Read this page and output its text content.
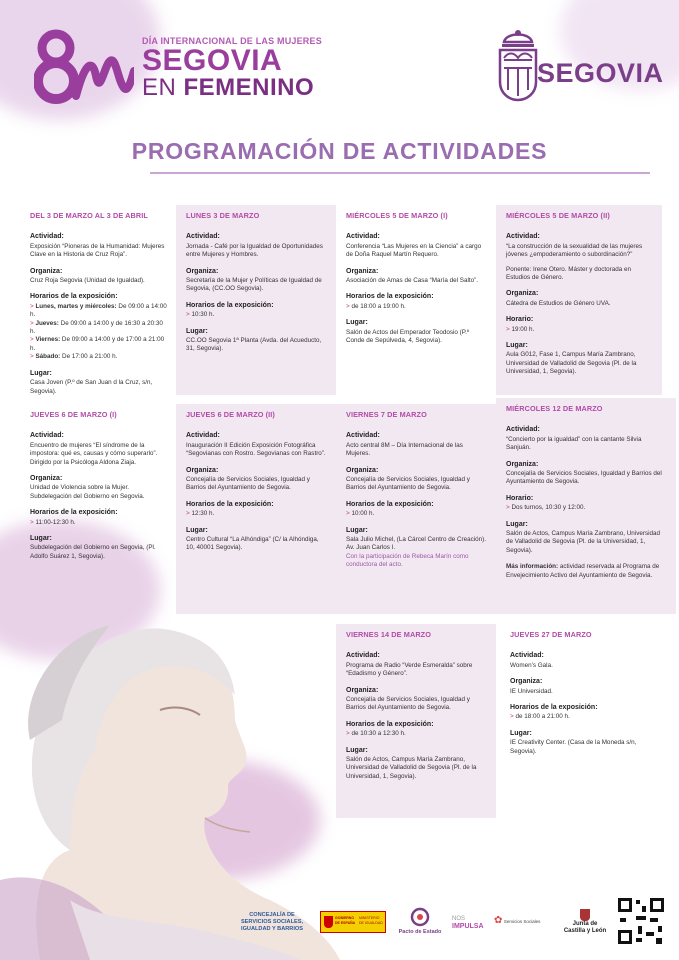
DÍA INTERNACIONAL DE LAS MUJERES
SEGOVIA
EN FEMENINO	SEGOVIA
PROGRAMACIÓN DE ACTIVIDADES
DEL 3 DE MARZO AL 3 DE ABRIL
Actividad:
Exposición “Pioneras de la Humanidad: Mujeres Clave en la Historia de Cruz Roja”.
Organiza:
Cruz Roja Segovia (Unidad de Igualdad).
Horarios de la exposición:
> Lunes, martes y miércoles: De 09:00 a 14:00 h.
> Jueves: De 09:00 a 14:00 y de 16:30 a 20:30 h.
> Viernes: De 09:00 a 14:00 y de 17:00 a 21:00 h.
> Sábado: De 17:00 a 21:00 h.
Lugar:
Casa Joven (P.º de San Juan d la Cruz, s/n, Segovia).
LUNES 3 DE MARZO
Actividad:
Jornada - Café por la Igualdad de Oportunidades entre Mujeres y Hombres.
Organiza:
Secretaría de la Mujer y Políticas de Igualdad de Segovia, (CC.OO Segovia).
Horarios de la exposición:
> 10:30 h.
Lugar:
CC.OO Segovia 1ª Planta (Avda. del Acueducto, 31, Segovia).
MIÉRCOLES 5 DE MARZO (I)
Actividad:
Conferencia “Las Mujeres en la Ciencia” a cargo de Doña Raquel Martín Requero.
Organiza:
Asociación de Amas de Casa “María del Salto”.
Horarios de la exposición:
> de 18:00 a 19:00 h.
Lugar:
Salón de Actos del Emperador Teodosio (P.º Conde de Sepúlveda, 4, Segovia).
MIÉRCOLES 5 DE MARZO (II)
Actividad:
“La construcción de la sexualidad de las mujeres jóvenes ¿empoderamiento o subordinación?”
Ponente: Irene Otero. Máster y doctorada en Estudios de Género.
Organiza:
Cátedra de Estudios de Género UVA.
Horario:
> 19:00 h.
Lugar:
Aula G012, Fase 1, Campus María Zambrano, Universidad de Valladolid de Segovia (Pl. de la Universidad, 1, Segovia).
JUEVES 6 DE MARZO (I)
Actividad:
Encuentro de mujeres “El síndrome de la impostora: qué es, causas y cómo superarlo”. Dirigido por la Psicóloga Aldona Ziaja.
Organiza:
Unidad de Violencia sobre la Mujer. Subdelegación del Gobierno en Segovia.
Horarios de la exposición:
> 11:00-12:30 h.
Lugar:
Subdelegación del Gobierno en Segovia, (Pl. Adolfo Suárez 1, Segovia).
JUEVES 6 DE MARZO (II)
Actividad:
Inauguración II Edición Exposición Fotográfica “Segovianas con Rostro. Segovianas con Rastro”.
Organiza:
Concejalía de Servicios Sociales, Igualdad y Barrios del Ayuntamiento de Segovia.
Horarios de la exposición:
> 12:30 h.
Lugar:
Centro Cultural “La Alhóndiga” (C/ la Alhóndiga, 10, 40001 Segovia).
VIERNES 7 DE MARZO
Actividad:
Acto central 8M – Día Internacional de las Mujeres.
Organiza:
Concejalía de Servicios Sociales, Igualdad y Barrios del Ayuntamiento de Segovia.
Horarios de la exposición:
> 10:00 h.
Lugar:
Sala Julio Michel, (La Cárcel Centro de Creación). Av. Juan Carlos I.
Con la participación de Rebeca Marín como conductora del acto.
MIÉRCOLES 12 DE MARZO
Actividad:
“Concierto por la igualdad” con la cantante Silvia Sanjuán.
Organiza:
Concejalía de Servicios Sociales, Igualdad y Barrios del Ayuntamiento de Segovia.
Horario:
> Dos turnos, 10:30 y 12:00.
Lugar:
Salón de Actos, Campus María Zambrano, Universidad de Valladolid de Segovia (Pl. de la Universidad, 1, Segovia).
Más información: actividad reservada al Programa de Envejecimiento Activo del Ayuntamiento de Segovia.
VIERNES 14 DE MARZO
Actividad:
Programa de Radio “Verde Esmeralda” sobre “Edadismo y Género”.
Organiza:
Concejalía de Servicios Sociales, Igualdad y Barrios del Ayuntamiento de Segovia.
Horarios de la exposición:
> de 10:30 a 12:30 h.
Lugar:
Salón de Actos, Campus María Zambrano, Universidad de Valladolid de Segovia (Pl. de la Universidad, 1, Segovia).
JUEVES 27 DE MARZO
Actividad:
Women’s Gala.
Organiza:
IE Universidad.
Horarios de la exposición:
> de 18:00 a 21:00 h.
Lugar:
IE Creativity Center. (Casa de la Moneda s/n, Segovia).
CONCEJALÍA DE SERVICIOS SOCIALES, IGUALDAD Y BARRIOS
GOBIERNO DE ESPAÑA
MINISTERIO DE IGUALDAD
Pacto de Estado
NOS
IMPULSA
✿ Servicios Sociales	Junta de
Castilla y León
